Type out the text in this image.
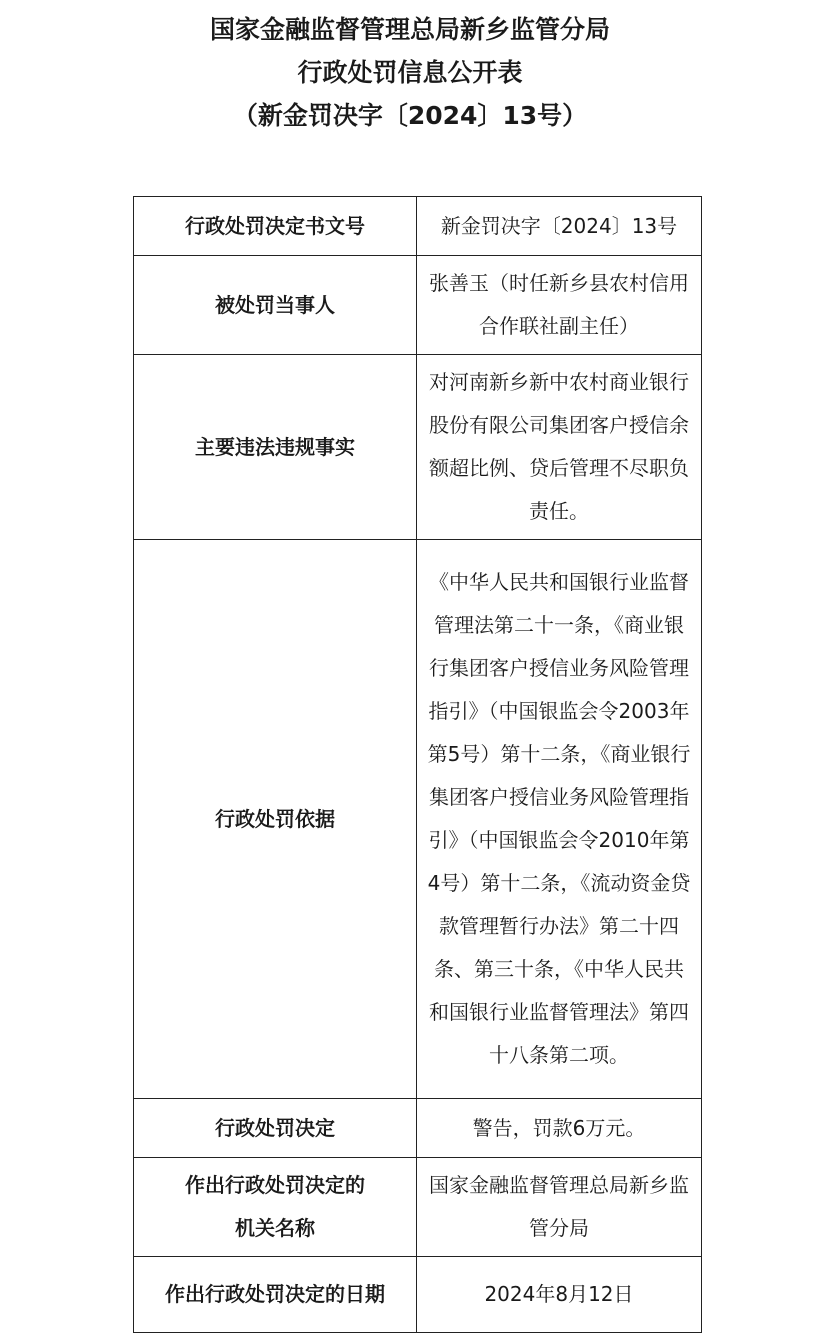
国家金融监督管理总局新乡监管分局
行政处罚信息公开表
（新金罚决字〔2024〕13号）
行政处罚决定书文号	新金罚决字〔2024〕13号

被处罚当事人	张善玉（时任新乡县农村信用合作联社副主任）

主要违法违规事实	对河南新乡新中农村商业银行股份有限公司集团客户授信余额超比例、贷后管理不尽职负责任。

行政处罚依据	《中华人民共和国银行业监督管理法第二十一条，《商业银行集团客户授信业务风险管理指引》（中国银监会令2003年第5号）第十二条，《商业银行集团客户授信业务风险管理指引》（中国银监会令2010年第4号）第十二条，《流动资金贷款管理暂行办法》第二十四条、第三十条，《中华人民共和国银行业监督管理法》第四十八条第二项。

行政处罚决定	警告，罚款6万元。

作出行政处罚决定的
机关名称	国家金融监督管理总局新乡监管分局

作出行政处罚决定的日期	2024年8月12日
